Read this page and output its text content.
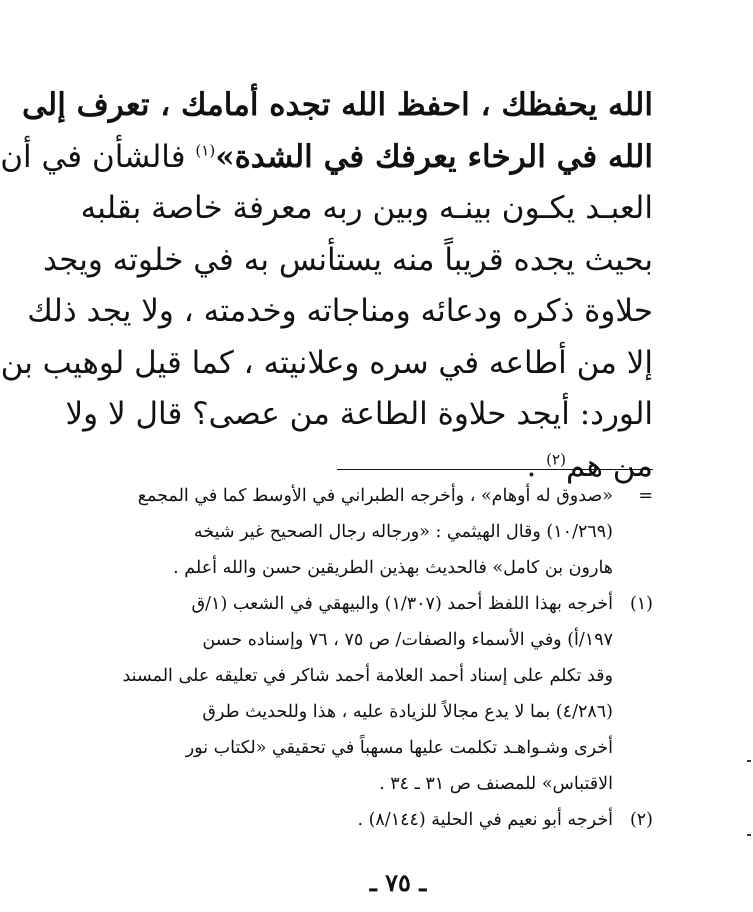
الله يحفظك ، احفظ الله تجده أمامك ، تعرف إلى
الله في الرخاء يعرفك في الشدة»$^{(١)}$ فالشأن في أن
العبـد يكـون بينـه وبين ربه معرفة خاصة بقلبه
بحيث يجده قريباً منه يستأنس به في خلوته ويجد
حلاوة ذكره ودعائه ومناجاته وخدمته ، ولا يجد ذلك
إلا من أطاعه في سره وعلانيته ، كما قيل لوهيب بن
الورد: أيجد حلاوة الطاعة من عصى؟ قال لا ولا
من هم$^{(٢)}$ .
=
«صدوق له أوهام» ، وأخرجه الطبراني في الأوسط كما في المجمع
(١٠/٢٦٩) وقال الهيثمي : «ورجاله رجال الصحيح غير شيخه
هارون بن كامل» فالحديث بهذين الطريقين حسن والله أعلم .
(١)
أخرجه بهذا اللفظ أحمد (١/٣٠٧) والبيهقي في الشعب (١/ق
١٩٧/أ) وفي الأسماء والصفات/ ص ٧٥ ، ٧٦ وإسناده حسن
وقد تكلم على إسناد أحمد العلامة أحمد شاكر في تعليقه على المسند
(٤/٢٨٦) بما لا يدع مجالاً للزيادة عليه ، هذا وللحديث طرق
أخرى وشـواهـد تكلمت عليها مسهباً في تحقيقي «لكتاب نور
الاقتباس» للمصنف ص ٣١ ـ ٣٤ .
(٢)
أخرجه أبو نعيم في الحلية (٨/١٤٤) .
ـ ٧٥ ـ
